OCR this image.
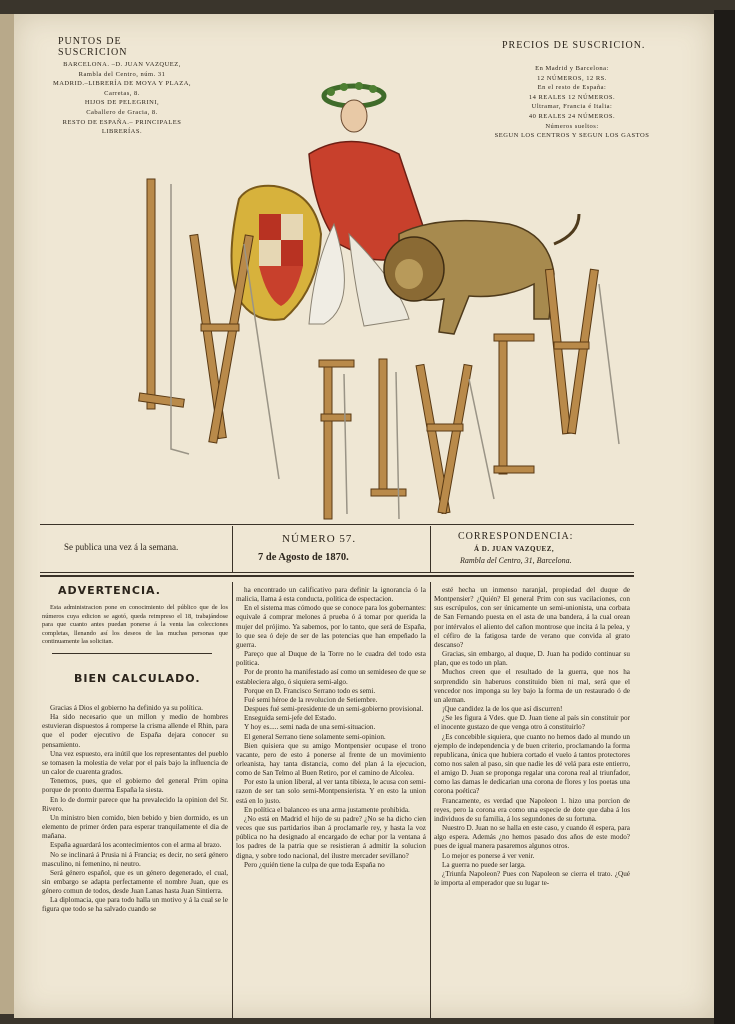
PUNTOS DE SUSCRICION
BARCELONA. –D. JUAN VAZQUEZ,
Rambla del Centro, núm. 31
MADRID.–LIBRERÍA DE MOYA Y PLAZA,
Carretas, 8.
HIJOS DE PELEGRINI,
Caballero de Gracia, 8.
RESTO DE ESPAÑA.– PRINCIPALES
LIBRERÍAS.
PRECIOS DE SUSCRICION.
En Madrid y Barcelona:
12 NÚMEROS, 12 RS.
En el resto de España:
14 REALES 12 NÚMEROS.
Ultramar, Francia é Italia:
40 REALES 24 NÚMEROS.
Números sueltos:
SEGUN LOS CENTROS Y SEGUN LOS GASTOS
Se publica una vez á la semana.
NÚMERO 57.
7 de Agosto de 1870.
CORRESPONDENCIA:
Á D. JUAN VAZQUEZ,
Rambla del Centro, 31, Barcelona.
ADVERTENCIA.

Esta administracion pone en conocimiento del público que de los números cuya edicion se agotó, queda reimpreso el 18, trabajándose para que cuanto antes puedan ponerse á la venta las colecciones completas, llenando así los deseos de las muchas personas que continuamente las solicitan.

BIEN CALCULADO.

Gracias á Dios el gobierno ha definido ya su política.

Ha sido necesario que un millon y medio de hombres estuvieran dispuestos á romperse la crisma allende el Rhin, para que el poder ejecutivo de España dejara conocer su pensamiento.

Una vez espuesto, era inútil que los representantes del pueblo se tomasen la molestia de velar por el país bajo la influencia de un calor de cuarenta grados.

Tenemos, pues, que el gobierno del general Prim opina porque de pronto duerma España la siesta.

En lo de dormir parece que ha prevalecido la opinion del Sr. Rivero.

Un ministro bien comido, bien bebido y bien dormido, es un elemento de primer órden para esperar tranquilamente el dia de mañana.

España aguardará los acontecimientos con el arma al brazo.

No se inclinará á Prusia ni á Francia; es decir, no será género masculino, ni femenino, ni neutro.

Será género español, que es un género degenerado, el cual, sin embargo se adapta perfectamente el nombre Juan, que es género comun de todos, desde Juan Lanas hasta Juan Sintierra.

La diplomacia, que para todo halla un motivo y á la cual se le figura que todo se ha salvado cuando se

ha encontrado un calificativo para definir la ignorancia ó la malicia, llama á esta conducta, política de espectacion.

En el sistema mas cómodo que se conoce para los gobernantes: equivale á comprar melones á prueba ó á tomar por querida la mujer del prójimo. Ya sabemos, por lo tanto, que será de España, lo que sea ó deje de ser de las potencias que han empeñado la guerra.

Pareço que al Duque de la Torre no le cuadra del todo esta política.

Por de pronto ha manifestado así como un semideseo de que se estableciera algo, ó siquiera semi-algo.

Porque en D. Francisco Serrano todo es semi.

Fué semi héroe de la revolucion de Setiembre.

Despues fué semi-presidente de un semi-gobierno provisional.

Enseguida semi-jefe del Estado.

Y hoy es..... semi nada de una semi-situacion.

El general Serrano tiene solamente semi-opinion.

Bien quisiera que su amigo Montpensier ocupase el trono vacante, pero de esto á ponerse al frente de un movimiento orleanista, hay tanta distancia, como del plan á la ejecucion, como de San Telmo al Buen Retiro, por el camino de Alcolea.

Por esto la union liberal, al ver tanta tibieza, le acusa con semi-razon de ser tan solo semi-Montpensierista. Y en esto la union está en lo justo.

En política el balanceo es una arma justamente prohibida.

¿No está en Madrid el hijo de su padre? ¿No se ha dicho cien veces que sus partidarios iban á proclamarle rey, y hasta la voz pública no ha designado al encargado de echar por la ventana á los padres de la patria que se resistieran á admitir la solucion digna, y sobre todo nacional, del ilustre mercader sevillano?

Pero ¿quién tiene la culpa de que toda España no

esté hecha un inmenso naranjal, propiedad del duque de Montpensier? ¿Quién? El general Prim con sus vacilaciones, con sus escrúpulos, con ser únicamente un semi-unionista, una corbata de San Fernando puesta en el asta de una bandera, á la cual orean por intérvalos el aliento del cañon montrose que incita á la pelea, y el céfiro de la fatigosa tarde de verano que convida al grato descanso?

Gracias, sin embargo, al duque, D. Juan ha podido continuar su plan, que es todo un plan.

Muchos creen que el resultado de la guerra, que nos ha sorprendido sin haberuos constituido bien ni mal, será que el vencedor nos imponga su ley bajo la forma de un restaurado ó de un aleman.

¡Que candidez la de los que así discurren!

¿Se les figura á Vdes. que D. Juan tiene al país sin constituir por el inocente gustazo de que venga otro á constituirlo?

¿Es concebible siquiera, que cuanto no hemos dado al mundo un ejemplo de independencia y de buen criterio, proclamando la forma republicana, única que hubiera cortado el vuelo á tantos protectores como nos salen al paso, sin que nadie les dé velá para este entierro, el amigo D. Juan se proponga regalar una corona real al triunfador, como las damas le dedicarian una corona de flores y los poetas una corona poética?

Francamente, es verdad que Napoleon 1. hizo una porcion de reyes, pero la corona era como una especie de dote que daba á los individuos de su familia, á los segundones de su fortuna.

Nuestro D. Juan no se halla en este caso, y cuando él espera, para algo espera. Además ¿no hemos pasado dos años de este modo? pues de igual manera pasaremos algunos otros.

Lo mejor es ponerse á ver venir.

La guerra no puede ser larga.

¿Triunfa Napoleon? Pues con Napoleon se cierra el trato. ¿Qué le importa al emperador que su lugar te-
